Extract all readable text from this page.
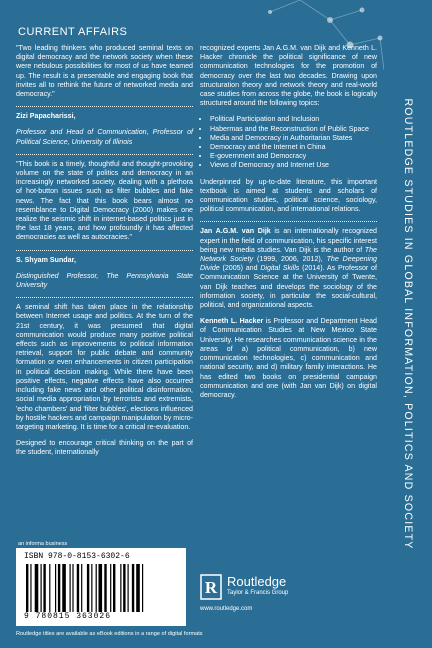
CURRENT AFFAIRS

"Two leading thinkers who produced seminal texts on digital democracy and the network society when these were nebulous possibilities for most of us have teamed up. The result is a presentable and engaging book that invites all to rethink the future of networked media and democracy."

Zizi Papacharissi,

Professor and Head of Communication, Professor of Political Science, University of Illinois

"This book is a timely, thoughtful and thought-provoking volume on the state of politics and democracy in an increasingly networked society, dealing with a plethora of hot-button issues such as filter bubbles and fake news. The fact that this book bears almost no resemblance to Digital Democracy (2000) makes one realize the seismic shift in internet-based politics just in the last 18 years, and how profoundly it has affected democracies as well as autocracies."

S. Shyam Sundar,

Distinguished Professor, The Pennsylvania State University

A seminal shift has taken place in the relationship between Internet usage and politics. At the turn of the 21st century, it was presumed that digital communication would produce many positive political effects such as improvements to political information retrieval, support for public debate and community formation or even enhancements in citizen participation in political decision making. While there have been positive effects, negative effects have also occurred including fake news and other political disinformation, social media appropriation by terrorists and extremists, 'echo chambers' and 'filter bubbles', elections influenced by hostile hackers and campaign manipulation by micro-targeting marketing. It is time for a critical re-evaluation.

Designed to encourage critical thinking on the part of the student, internationally

recognized experts Jan A.G.M. van Dijk and Kenneth L. Hacker chronicle the political significance of new communication technologies for the promotion of democracy over the last two decades. Drawing upon structuration theory and network theory and real-world case studies from across the globe, the book is logically structured around the following topics:

• Political Participation and Inclusion
• Habermas and the Reconstruction of Public Space
• Media and Democracy in Authoritarian States
• Democracy and the Internet in China
• E-government and Democracy
• Views of Democracy and Internet Use

Underpinned by up-to-date literature, this important textbook is aimed at students and scholars of communication studies, political science, sociology, political communication, and international relations.

Jan A.G.M. van Dijk is an internationally recognized expert in the field of communication, his specific interest being new media studies. Van Dijk is the author of The Network Society (1999, 2006, 2012), The Deepening Divide (2005) and Digital Skills (2014). As Professor of Communication Science at the University of Twente, van Dijk teaches and develops the sociology of the information society, in particular the social-cultural, political, and organizational aspects.

Kenneth L. Hacker is Professor and Department Head of Communication Studies at New Mexico State University. He researches communication science in the areas of a) political communication, b) new communication technologies, c) communication and national security, and d) military family interactions. He has edited two books on presidential campaign communication and one (with Jan van Dijk) on digital democracy.

an informa business
ISBN 978-0-8153-6302-6
9 780815 363026
R Routledge
Taylor & Francis Group
www.routledge.com
Routledge titles are available as eBook editions in a range of digital formats
ROUTLEDGE STUDIES IN GLOBAL INFORMATION, POLITICS AND SOCIETY
